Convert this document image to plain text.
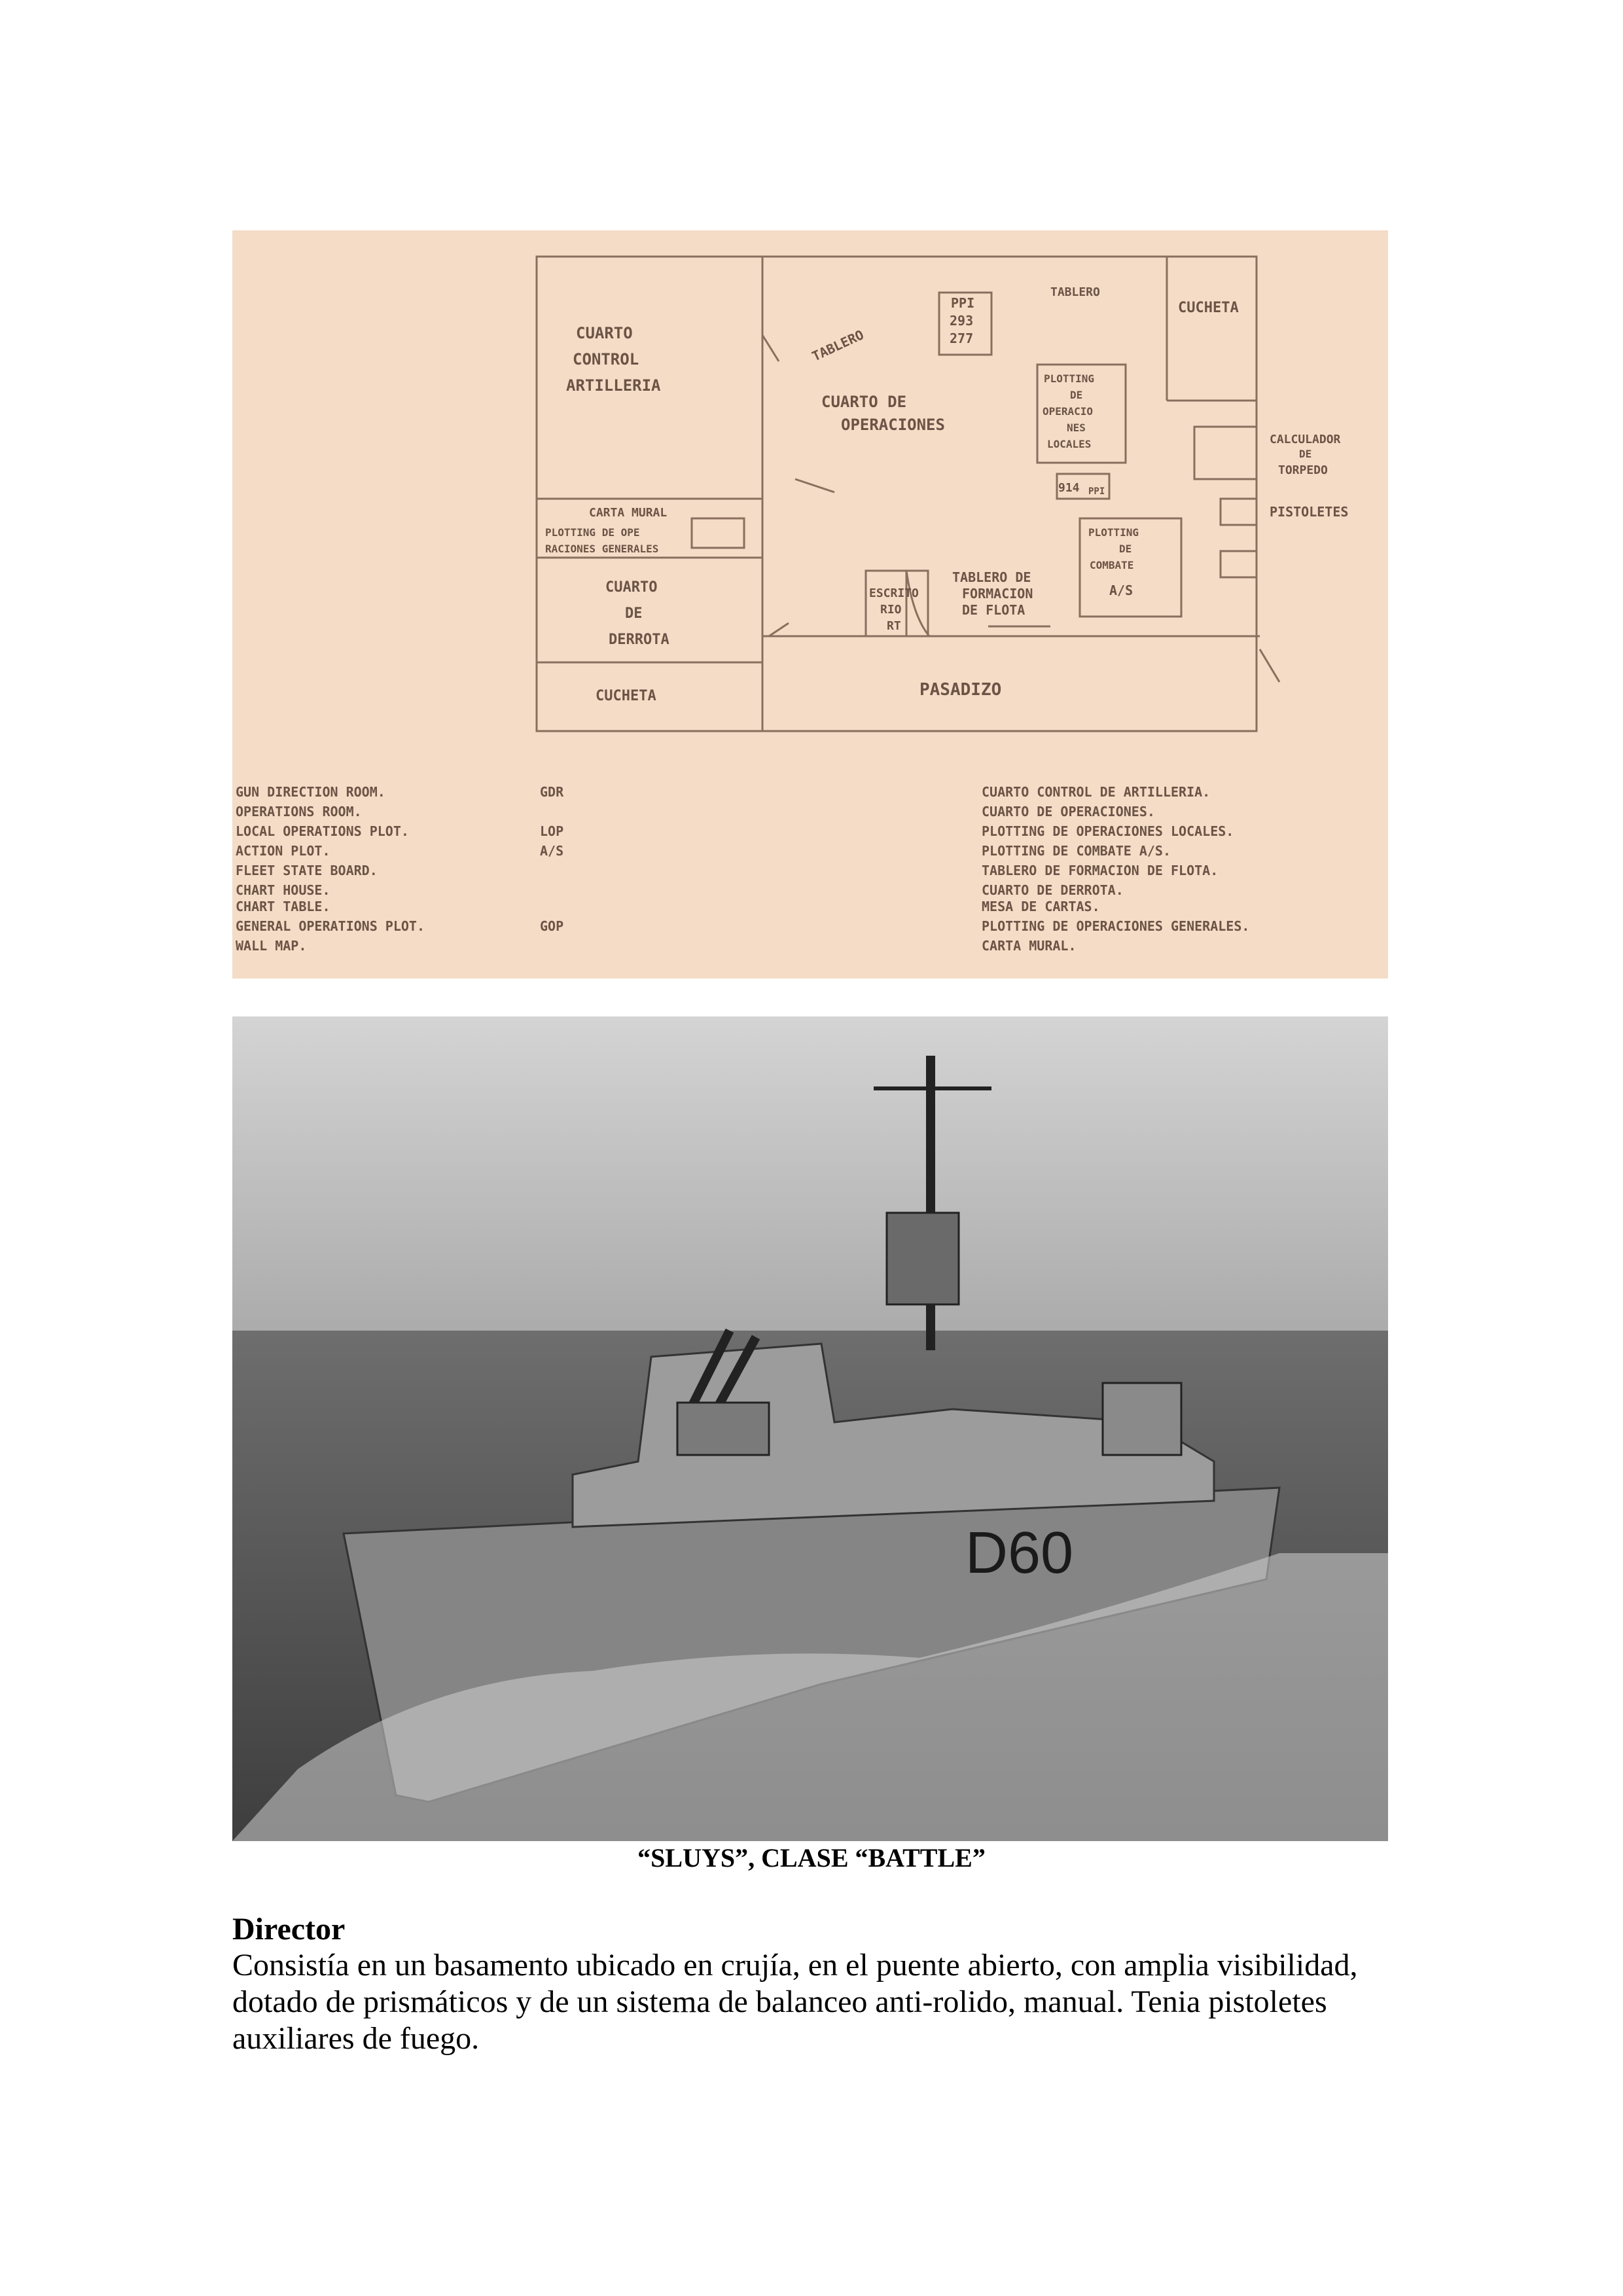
CUARTO
CONTROL
ARTILLERIA
CUARTO DE
OPERACIONES
TABLERO
PPI
293
277
TABLERO
CUCHETA
PLOTTING
DE
OPERACIO
NES
LOCALES
914 PPI
CALCULADOR
DE
TORPEDO
PISTOLETES
PLOTTING
DE
COMBATE
A/S
CARTA MURAL
PLOTTING DE OPE
RACIONES GENERALES
CUARTO
DE
DERROTA
ESCRITO
RIO
RT
TABLERO DE
FORMACION
DE FLOTA
CUCHETA	PASADIZO
GUN DIRECTION ROOM.
OPERATIONS ROOM.
LOCAL OPERATIONS PLOT.
ACTION PLOT.
FLEET STATE BOARD.
CHART HOUSE.
CHART TABLE.
GENERAL OPERATIONS PLOT.
WALL MAP.
GDR
LOP
A/S
GOP
CUARTO CONTROL DE ARTILLERIA.
CUARTO DE OPERACIONES.
PLOTTING DE OPERACIONES LOCALES.
PLOTTING DE COMBATE A/S.
TABLERO DE FORMACION DE FLOTA.
CUARTO DE DERROTA.
MESA DE CARTAS.
PLOTTING DE OPERACIONES GENERALES.
CARTA MURAL.
D60
“SLUYS”, CLASE “BATTLE”
Director
Consistía en un basamento ubicado en crujía, en el puente abierto, con amplia visibilidad, dotado de prismáticos y de un sistema de balanceo anti-rolido, manual. Tenia pistoletes auxiliares de fuego.
